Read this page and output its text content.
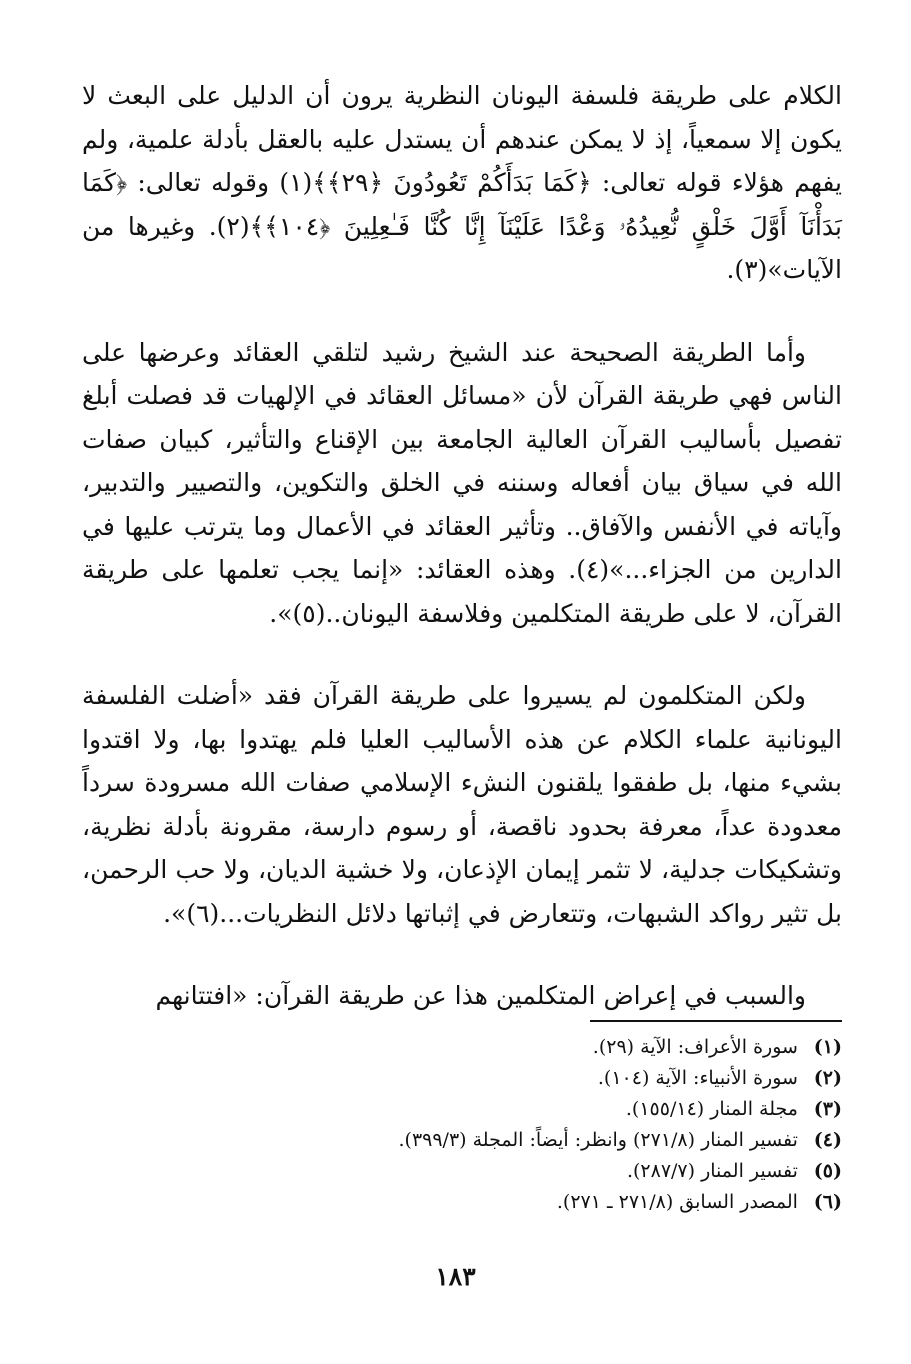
الكلام على طريقة فلسفة اليونان النظرية يرون أن الدليل على البعث لا يكون إلا سمعياً، إذ لا يمكن عندهم أن يستدل عليه بالعقل بأدلة علمية، ولم يفهم هؤلاء قوله تعالى: ﴿كَمَا بَدَأَكُمْ تَعُودُونَ ﴿٢٩﴾﴾(١) وقوله تعالى: ﴿كَمَا بَدَأْنَآ أَوَّلَ خَلْقٍ نُّعِيدُهُۥ وَعْدًا عَلَيْنَآ إِنَّا كُنَّا فَـٰعِلِينَ ﴿١٠٤﴾﴾(٢). وغيرها من الآيات»(٣).

وأما الطريقة الصحيحة عند الشيخ رشيد لتلقي العقائد وعرضها على الناس فهي طريقة القرآن لأن «مسائل العقائد في الإلهيات قد فصلت أبلغ تفصيل بأساليب القرآن العالية الجامعة بين الإقناع والتأثير، كبيان صفات الله في سياق بيان أفعاله وسننه في الخلق والتكوين، والتصيير والتدبير، وآياته في الأنفس والآفاق.. وتأثير العقائد في الأعمال وما يترتب عليها في الدارين من الجزاء...»(٤). وهذه العقائد: «إنما يجب تعلمها على طريقة القرآن، لا على طريقة المتكلمين وفلاسفة اليونان..(٥)».

ولكن المتكلمون لم يسيروا على طريقة القرآن فقد «أضلت الفلسفة اليونانية علماء الكلام عن هذه الأساليب العليا فلم يهتدوا بها، ولا اقتدوا بشيء منها، بل طفقوا يلقنون النشء الإسلامي صفات الله مسرودة سرداً معدودة عداً، معرفة بحدود ناقصة، أو رسوم دارسة، مقرونة بأدلة نظرية، وتشكيكات جدلية، لا تثمر إيمان الإذعان، ولا خشية الديان، ولا حب الرحمن، بل تثير رواكد الشبهات، وتتعارض في إثباتها دلائل النظريات...(٦)».

والسبب في إعراض المتكلمين هذا عن طريقة القرآن: «افتتانهم

(١) سورة الأعراف: الآية (٢٩).
(٢) سورة الأنبياء: الآية (١٠٤).
(٣) مجلة المنار (١٥٥/١٤).
(٤) تفسير المنار (٢٧١/٨) وانظر: أيضاً: المجلة (٣٩٩/٣).
(٥) تفسير المنار (٢٨٧/٧).
(٦) المصدر السابق (٢٧١/٨ ـ ٢٧١).
١٨٣
